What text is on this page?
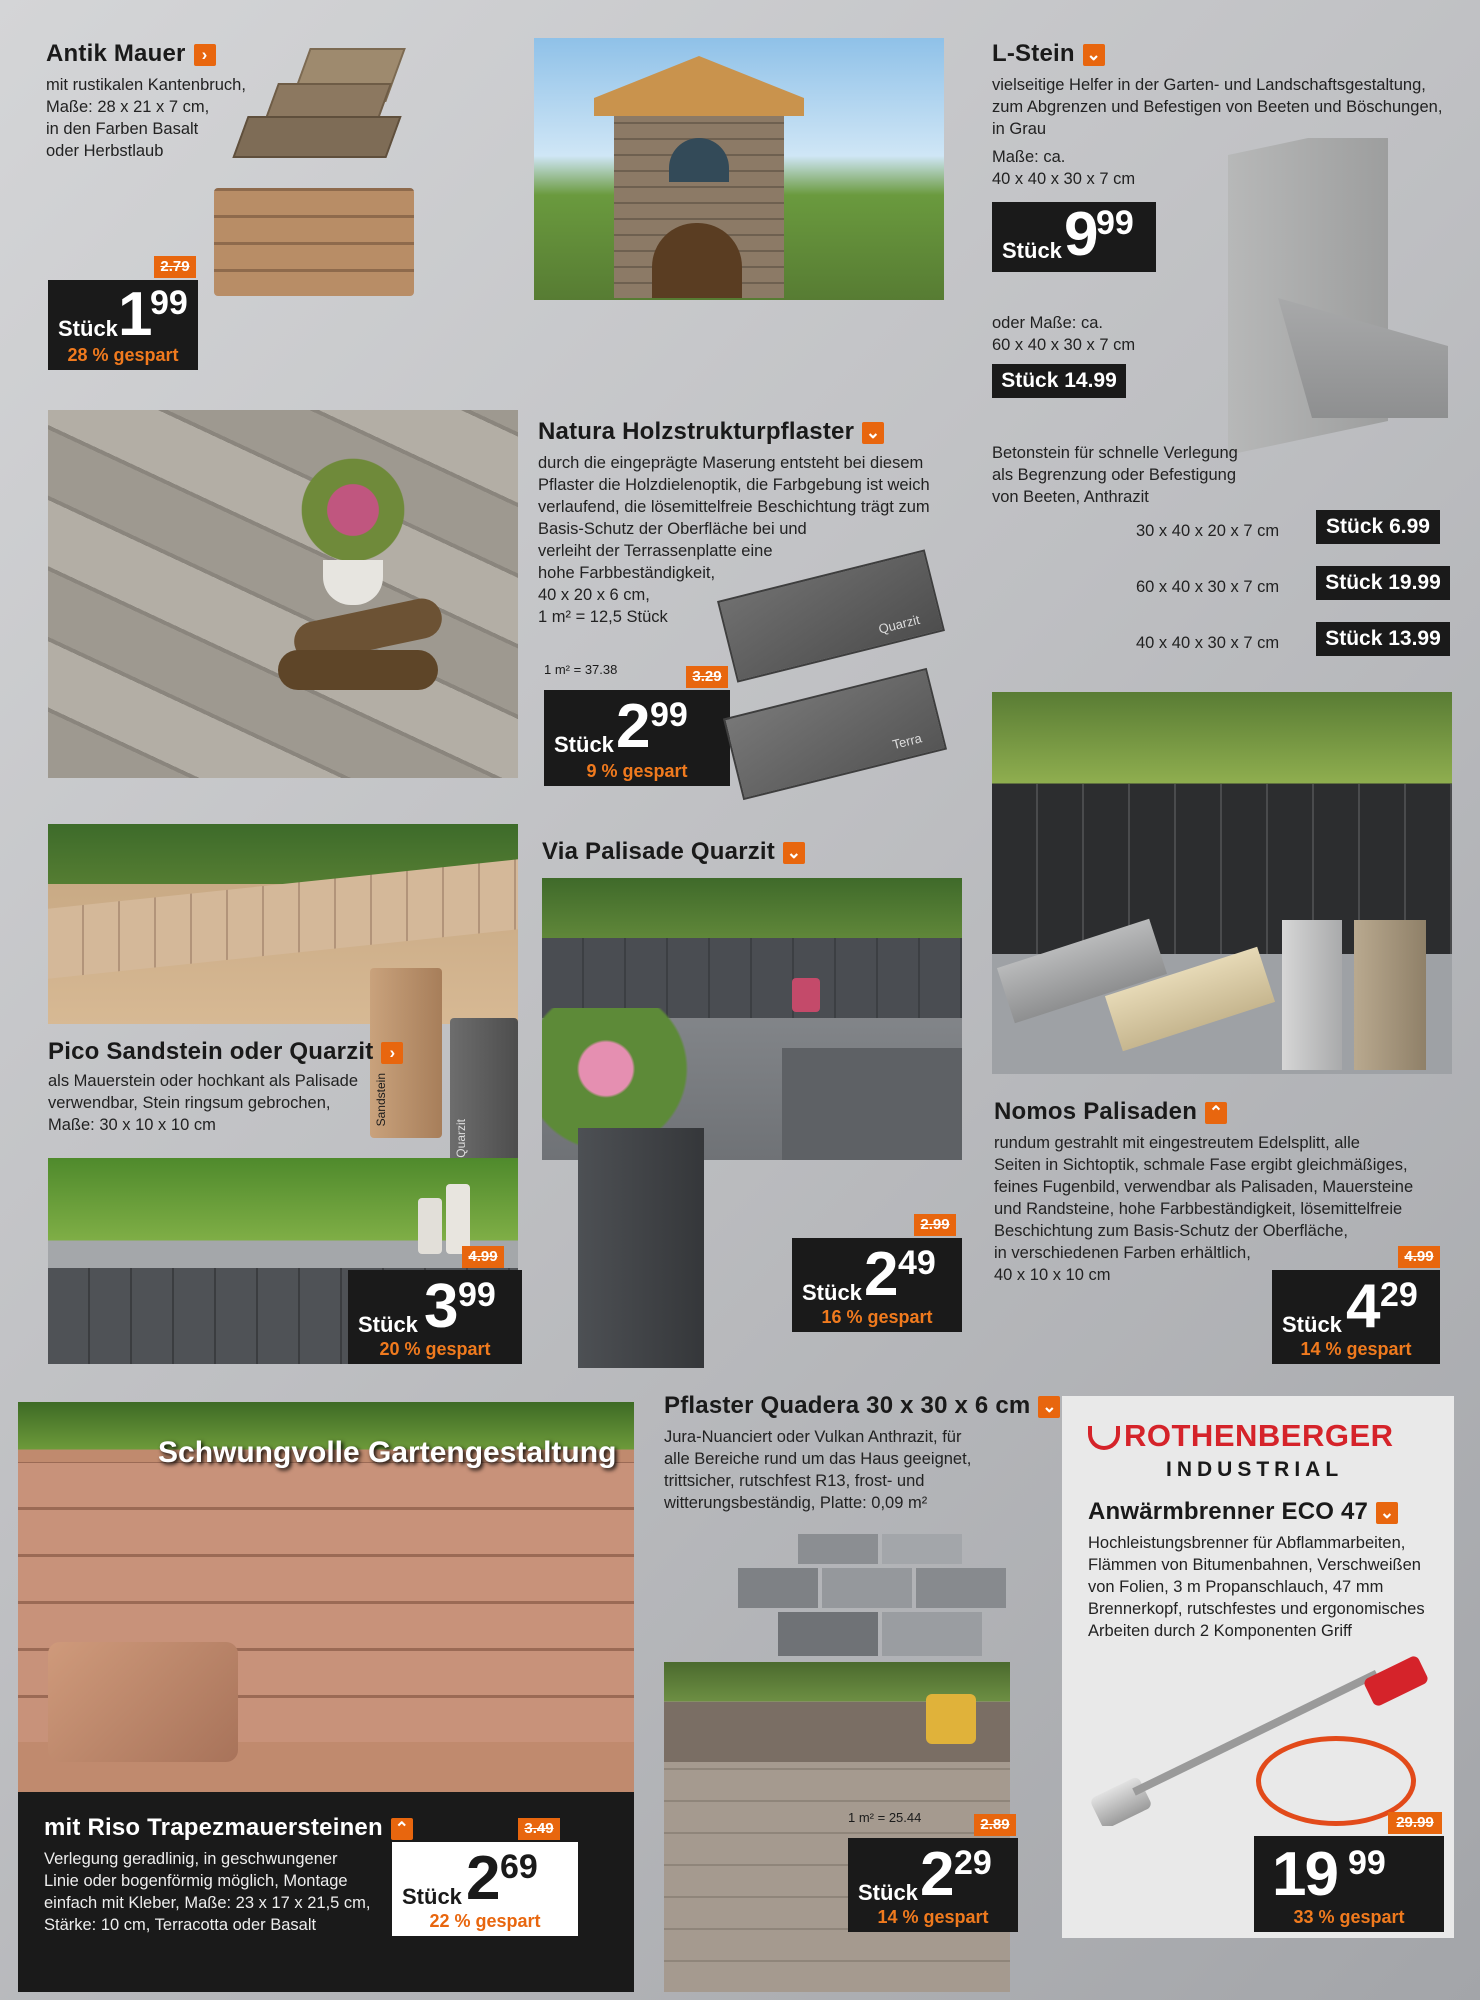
Antik Mauer ›
mit rustikalen Kantenbruch,
Maße: 28 x 21 x 7 cm,
in den Farben Basalt
oder Herbstlaub
2.79
Stück 1 99
28 % gespart
L-Stein ⌄
vielseitige Helfer in der Garten- und Landschaftsgestaltung,
zum Abgrenzen und Befestigen von Beeten und Böschungen,
in Grau
Maße: ca.
40 x 40 x 30 x 7 cm
Stück 9 99
oder Maße: ca.
60 x 40 x 30 x 7 cm
Stück 14.99
Betonstein für schnelle Verlegung
als Begrenzung oder Befestigung
von Beeten, Anthrazit
30 x 40 x 20 x 7 cm	Stück 6.99
60 x 40 x 30 x 7 cm	Stück 19.99
40 x 40 x 30 x 7 cm	Stück 13.99
Natura Holzstrukturpflaster ⌄
durch die eingeprägte Maserung entsteht bei diesem
Pflaster die Holzdielenoptik, die Farbgebung ist weich
verlaufend, die lösemittelfreie Beschichtung trägt zum
Basis-Schutz der Oberfläche bei und
verleiht der Terrassenplatte eine
hohe Farbbeständigkeit,
40 x 20 x 6 cm,
1 m² = 12,5 Stück
1 m² = 37.38	3.29
Stück 2 99
9 % gespart
Quarzit
Terra
Sandstein
Quarzit
Pico Sandstein oder Quarzit ›
als Mauerstein oder hochkant als Palisade
verwendbar, Stein ringsum gebrochen,
Maße: 30 x 10 x 10 cm
4.99
Stück 3 99
20 % gespart
Via Palisade Quarzit ⌄
2.99
Stück 2 49
16 % gespart
Nomos Palisaden ⌃
rundum gestrahlt mit eingestreutem Edelsplitt, alle
Seiten in Sichtoptik, schmale Fase ergibt gleichmäßiges,
feines Fugenbild, verwendbar als Palisaden, Mauersteine
und Randsteine, hohe Farbbeständigkeit, lösemittelfreie
Beschichtung zum Basis-Schutz der Oberfläche,
in verschiedenen Farben erhältlich,
40 x 10 x 10 cm
4.99
Stück 4 29
14 % gespart
Schwungvolle Gartengestaltung
mit Riso Trapezmauersteinen ⌃
Verlegung geradlinig, in geschwungener
Linie oder bogenförmig möglich, Montage
einfach mit Kleber, Maße: 23 x 17 x 21,5 cm,
Stärke: 10 cm, Terracotta oder Basalt
3.49
Stück 2 69
22 % gespart
Pflaster Quadera 30 x 30 x 6 cm ⌄
Jura-Nuanciert oder Vulkan Anthrazit, für
alle Bereiche rund um das Haus geeignet,
trittsicher, rutschfest R13, frost- und
witterungsbeständig, Platte: 0,09 m²
1 m² = 25.44	2.89
Stück 2 29
14 % gespart
ROTHENBERGER
INDUSTRIAL
Anwärmbrenner ECO 47 ⌄
Hochleistungsbrenner für Abflammarbeiten,
Flämmen von Bitumenbahnen, Verschweißen
von Folien, 3 m Propanschlauch, 47 mm
Brennerkopf, rutschfestes und ergonomisches
Arbeiten durch 2 Komponenten Griff
29.99
19 99
33 % gespart
